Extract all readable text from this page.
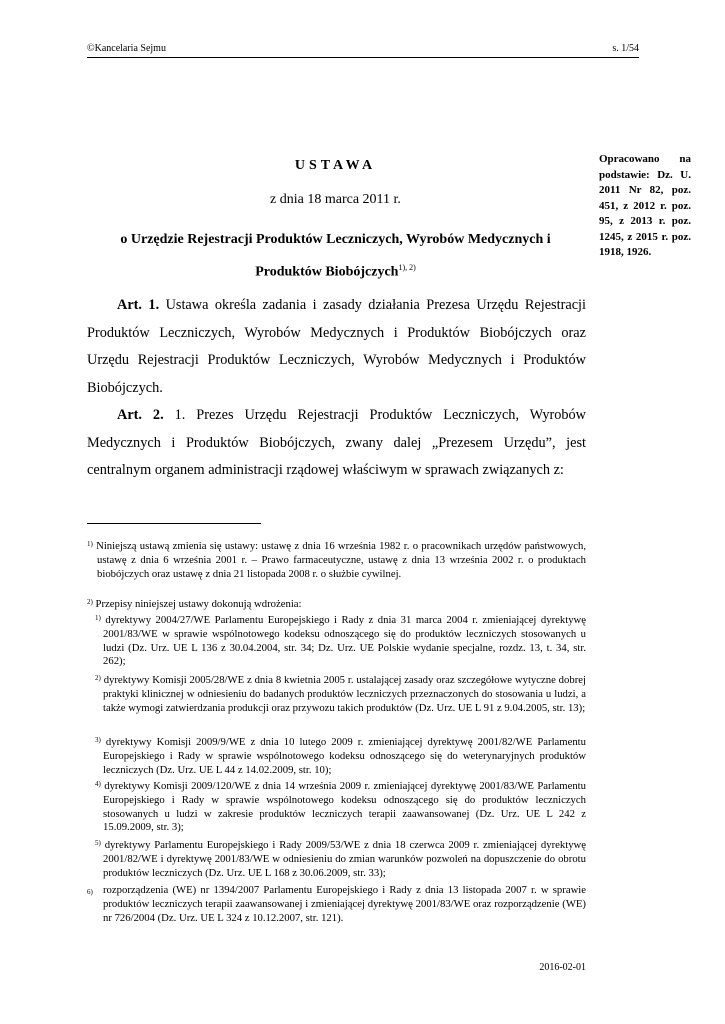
©Kancelaria Sejmu	s. 1/54
Opracowano na podstawie: Dz. U. 2011 Nr 82, poz. 451, z 2012 r. poz. 95, z 2013 r. poz. 1245, z 2015 r. poz. 1918, 1926.
USTAWA
z dnia 18 marca 2011 r.
o Urzędzie Rejestracji Produktów Leczniczych, Wyrobów Medycznych i Produktów Biobójczych$^{1), 2)}$
Art. 1. Ustawa określa zadania i zasady działania Prezesa Urzędu Rejestracji Produktów Leczniczych, Wyrobów Medycznych i Produktów Biobójczych oraz Urzędu Rejestracji Produktów Leczniczych, Wyrobów Medycznych i Produktów Biobójczych.
Art. 2. 1. Prezes Urzędu Rejestracji Produktów Leczniczych, Wyrobów Medycznych i Produktów Biobójczych, zwany dalej „Prezesem Urzędu”, jest centralnym organem administracji rządowej właściwym w sprawach związanych z:
$^{1)}$ Niniejszą ustawą zmienia się ustawy: ustawę z dnia 16 września 1982 r. o pracownikach urzędów państwowych, ustawę z dnia 6 września 2001 r. – Prawo farmaceutyczne, ustawę z dnia 13 września 2002 r. o produktach biobójczych oraz ustawę z dnia 21 listopada 2008 r. o służbie cywilnej.
$^{2)}$ Przepisy niniejszej ustawy dokonują wdrożenia:
$^{1)}$ dyrektywy 2004/27/WE Parlamentu Europejskiego i Rady z dnia 31 marca 2004 r. zmieniającej dyrektywę 2001/83/WE w sprawie wspólnotowego kodeksu odnoszącego się do produktów leczniczych stosowanych u ludzi (Dz. Urz. UE L 136 z 30.04.2004, str. 34; Dz. Urz. UE Polskie wydanie specjalne, rozdz. 13, t. 34, str. 262);
$^{2)}$ dyrektywy Komisji 2005/28/WE z dnia 8 kwietnia 2005 r. ustalającej zasady oraz szczegółowe wytyczne dobrej praktyki klinicznej w odniesieniu do badanych produktów leczniczych przeznaczonych do stosowania u ludzi, a także wymogi zatwierdzania produkcji oraz przywozu takich produktów (Dz. Urz. UE L 91 z 9.04.2005, str. 13);
$^{3)}$ dyrektywy Komisji 2009/9/WE z dnia 10 lutego 2009 r. zmieniającej dyrektywę 2001/82/WE Parlamentu Europejskiego i Rady w sprawie wspólnotowego kodeksu odnoszącego się do weterynaryjnych produktów leczniczych (Dz. Urz. UE L 44 z 14.02.2009, str. 10);
$^{4)}$ dyrektywy Komisji 2009/120/WE z dnia 14 września 2009 r. zmieniającej dyrektywę 2001/83/WE Parlamentu Europejskiego i Rady w sprawie wspólnotowego kodeksu odnoszącego się do produktów leczniczych stosowanych u ludzi w zakresie produktów leczniczych terapii zaawansowanej (Dz. Urz. UE L 242 z 15.09.2009, str. 3);
$^{5)}$ dyrektywy Parlamentu Europejskiego i Rady 2009/53/WE z dnia 18 czerwca 2009 r. zmieniającej dyrektywę 2001/82/WE i dyrektywę 2001/83/WE w odniesieniu do zmian warunków pozwoleń na dopuszczenie do obrotu produktów leczniczych (Dz. Urz. UE L 168 z 30.06.2009, str. 33);
6) rozporządzenia (WE) nr 1394/2007 Parlamentu Europejskiego i Rady z dnia 13 listopada 2007 r. w sprawie produktów leczniczych terapii zaawansowanej i zmieniającej dyrektywę 2001/83/WE oraz rozporządzenie (WE) nr 726/2004 (Dz. Urz. UE L 324 z 10.12.2007, str. 121).
2016-02-01
